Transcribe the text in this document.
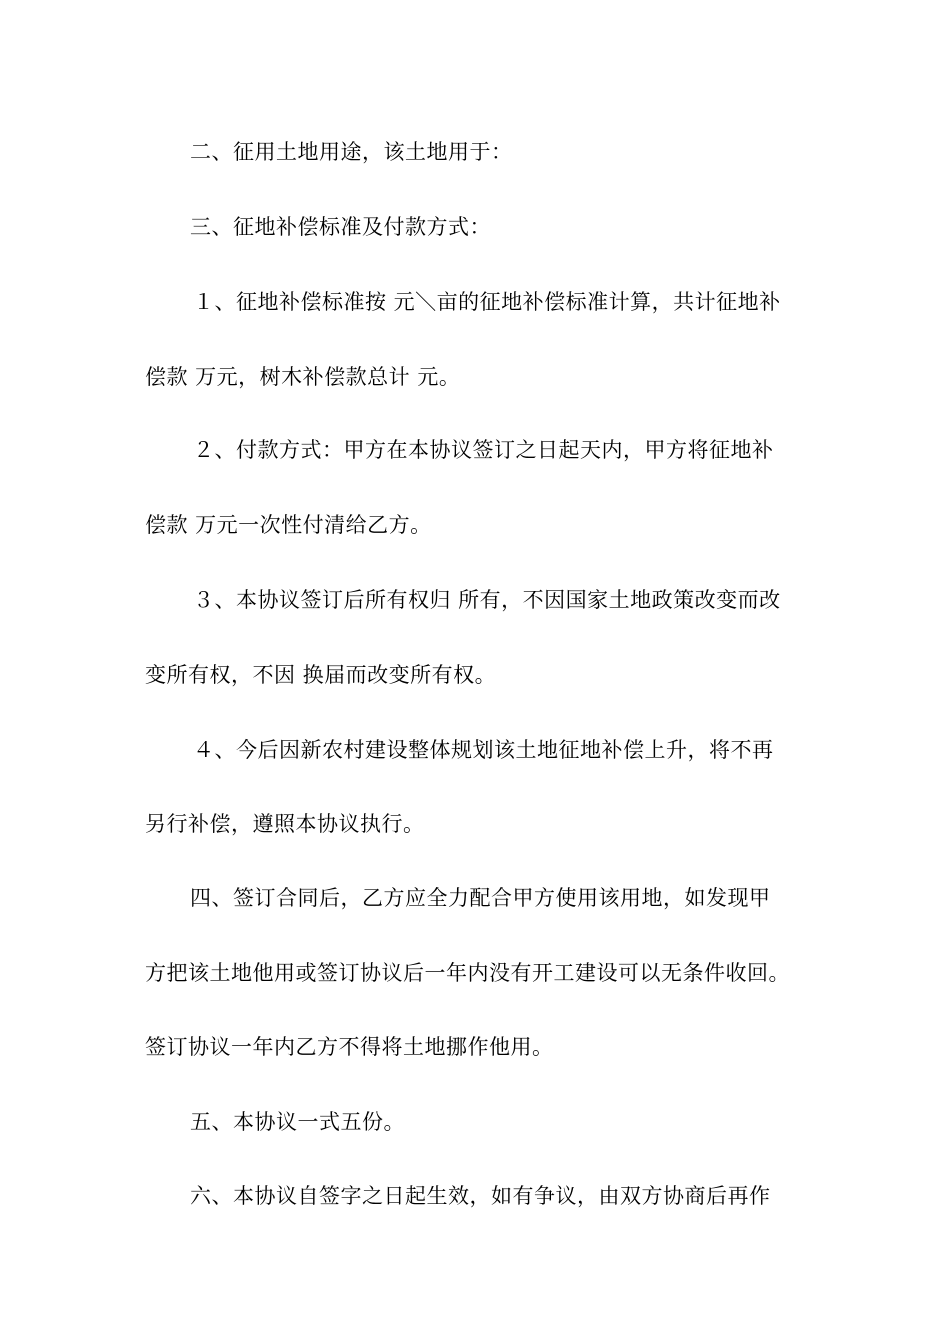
二、征用土地用途，该土地用于：
三、征地补偿标准及付款方式：
１、征地补偿标准按 元＼亩的征地补偿标准计算，共计征地补
偿款 万元，树木补偿款总计 元。
２、付款方式：甲方在本协议签订之日起天内，甲方将征地补
偿款 万元一次性付清给乙方。
３、本协议签订后所有权归 所有，不因国家土地政策改变而改
变所有权，不因 换届而改变所有权。
４、今后因新农村建设整体规划该土地征地补偿上升，将不再
另行补偿，遵照本协议执行。
四、签订合同后，乙方应全力配合甲方使用该用地，如发现甲
方把该土地他用或签订协议后一年内没有开工建设可以无条件收回。
签订协议一年内乙方不得将土地挪作他用。
五、本协议一式五份。
六、本协议自签字之日起生效，如有争议，由双方协商后再作
